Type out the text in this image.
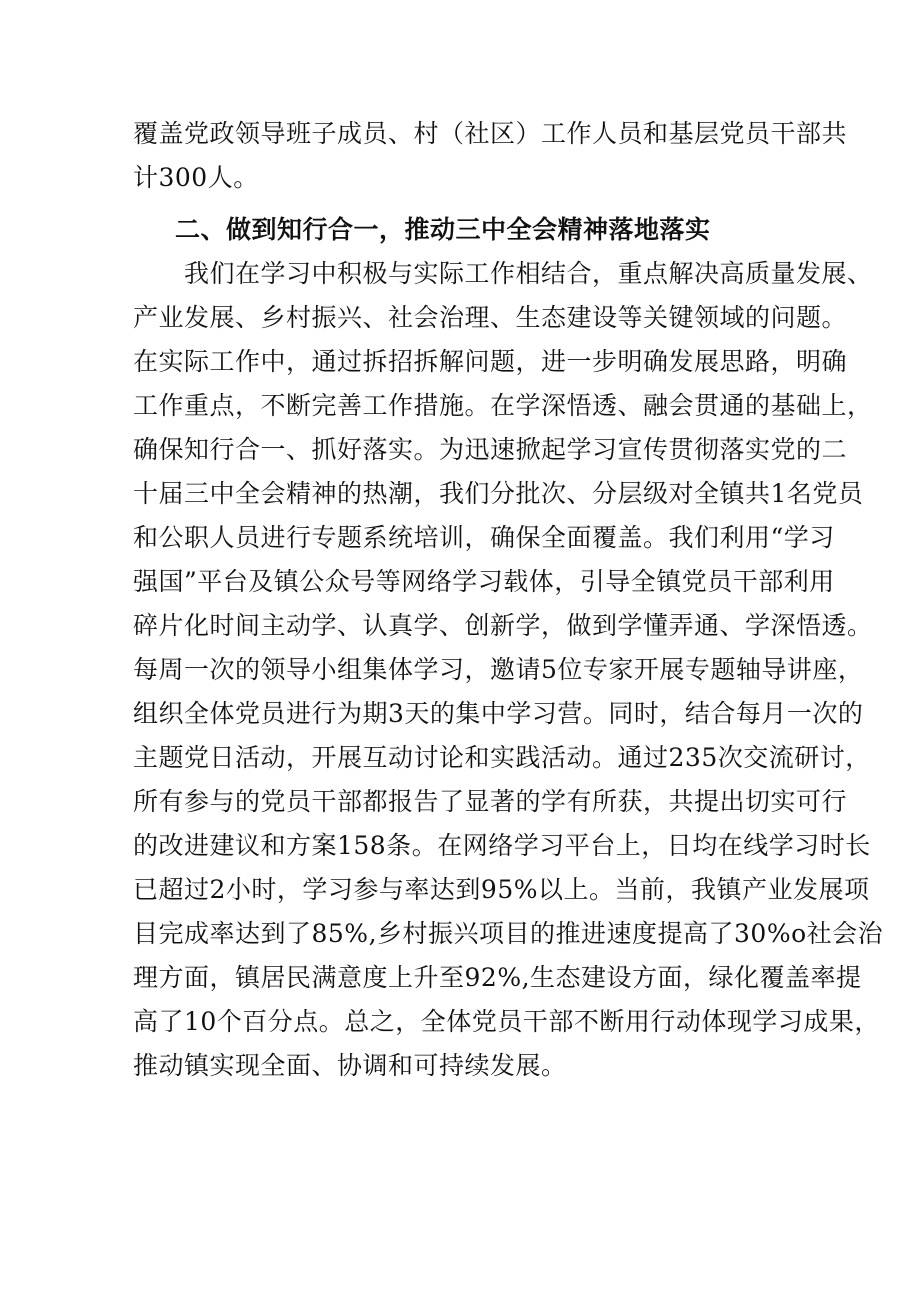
覆盖党政领导班子成员、村（社区）工作人员和基层党员干部共
计300人。
二、做到知行合一，推动三中全会精神落地落实
　　我们在学习中积极与实际工作相结合，重点解决高质量发展、
产业发展、乡村振兴、社会治理、生态建设等关键领域的问题。
在实际工作中，通过拆招拆解问题，进一步明确发展思路，明确
工作重点，不断完善工作措施。在学深悟透、融会贯通的基础上，
确保知行合一、抓好落实。为迅速掀起学习宣传贯彻落实党的二
十届三中全会精神的热潮，我们分批次、分层级对全镇共1名党员
和公职人员进行专题系统培训，确保全面覆盖。我们利用“学习
强国”平台及镇公众号等网络学习载体，引导全镇党员干部利用
碎片化时间主动学、认真学、创新学，做到学懂弄通、学深悟透。
每周一次的领导小组集体学习，邀请5位专家开展专题轴导讲座，
组织全体党员进行为期3天的集中学习营。同时，结合每月一次的
主题党日活动，开展互动讨论和实践活动。通过235次交流研讨，
所有参与的党员干部都报告了显著的学有所获，共提出切实可行
的改进建议和方案158条。在网络学习平台上，日均在线学习时长
已超过2小时，学习参与率达到95%以上。当前，我镇产业发展项
目完成率达到了85%,乡村振兴项目的推进速度提高了30%o社会治
理方面，镇居民满意度上升至92%,生态建设方面，绿化覆盖率提
高了10个百分点。总之，全体党员干部不断用行动体现学习成果，
推动镇实现全面、协调和可持续发展。
